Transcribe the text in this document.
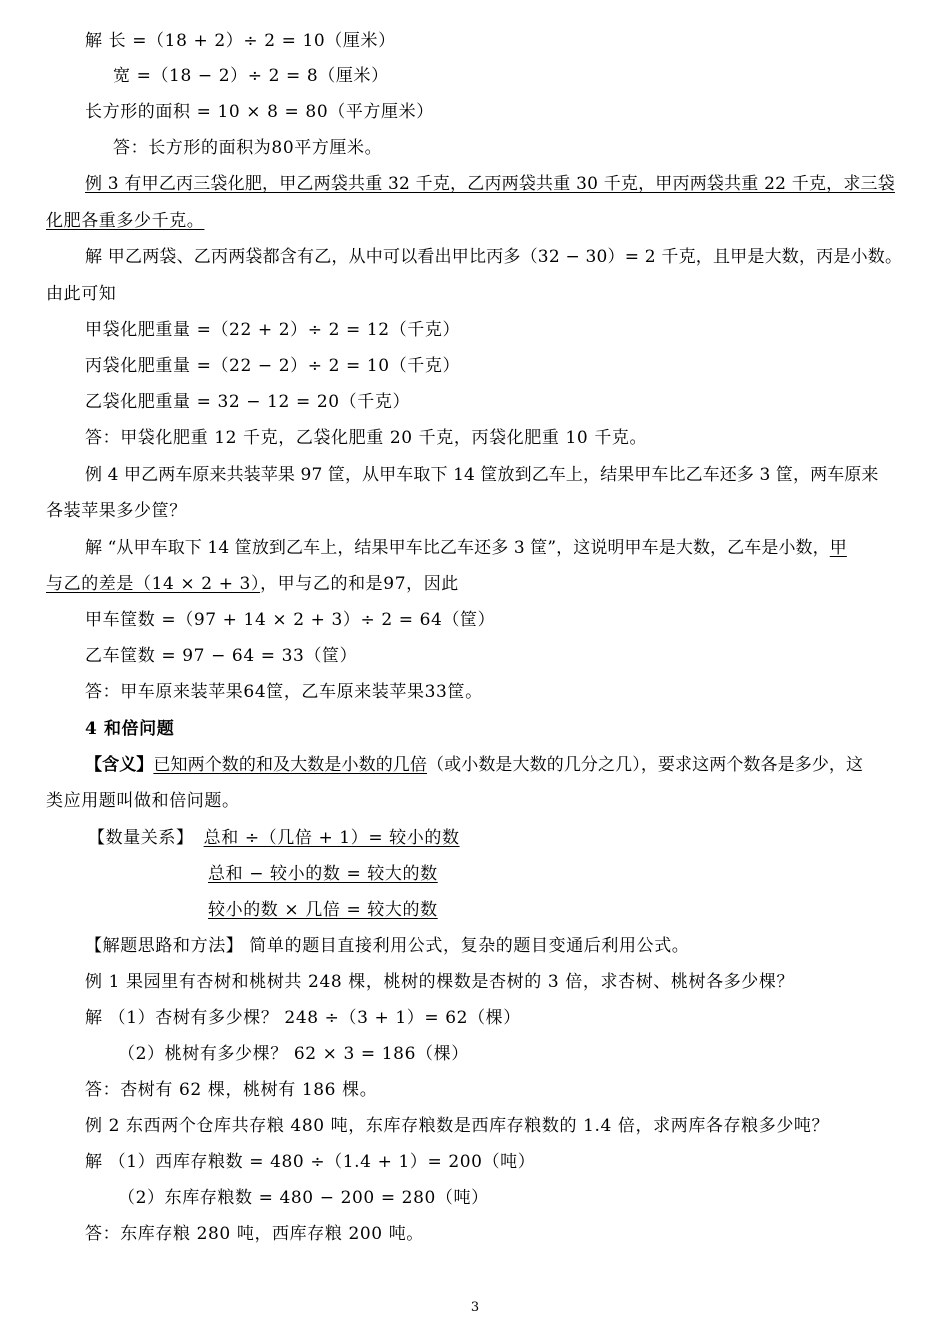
解 长 =（18 + 2）÷ 2 = 10（厘米）
宽 =（18 − 2）÷ 2 = 8（厘米）
长方形的面积 = 10 × 8 = 80（平方厘米）
答：长方形的面积为80平方厘米。
例 3 有甲乙丙三袋化肥，甲乙两袋共重 32 千克，乙丙两袋共重 30 千克，甲丙两袋共重 22 千克，求三袋
化肥各重多少千克。
解 甲乙两袋、乙丙两袋都含有乙，从中可以看出甲比丙多（32 − 30）= 2 千克，且甲是大数，丙是小数。
由此可知
甲袋化肥重量 =（22 + 2）÷ 2 = 12（千克）
丙袋化肥重量 =（22 − 2）÷ 2 = 10（千克）
乙袋化肥重量 = 32 − 12 = 20（千克）
答：甲袋化肥重 12 千克，乙袋化肥重 20 千克，丙袋化肥重 10 千克。
例 4 甲乙两车原来共装苹果 97 筐，从甲车取下 14 筐放到乙车上，结果甲车比乙车还多 3 筐，两车原来
各装苹果多少筐？
解 “从甲车取下 14 筐放到乙车上，结果甲车比乙车还多 3 筐”，这说明甲车是大数，乙车是小数，甲
与乙的差是（14 × 2 + 3），甲与乙的和是97，因此
甲车筐数 =（97 + 14 × 2 + 3）÷ 2 = 64（筐）
乙车筐数 = 97 − 64 = 33（筐）
答：甲车原来装苹果64筐，乙车原来装苹果33筐。
4 和倍问题
【含义】已知两个数的和及大数是小数的几倍（或小数是大数的几分之几），要求这两个数各是多少，这
类应用题叫做和倍问题。
【数量关系】 总和 ÷（几倍 + 1）= 较小的数
总和 − 较小的数 = 较大的数
较小的数 × 几倍 = 较大的数
【解题思路和方法】 简单的题目直接利用公式，复杂的题目变通后利用公式。
例 1 果园里有杏树和桃树共 248 棵，桃树的棵数是杏树的 3 倍，求杏树、桃树各多少棵？
解 （1）杏树有多少棵？ 248 ÷（3 + 1）= 62（棵）
（2）桃树有多少棵？ 62 × 3 = 186（棵）
答：杏树有 62 棵，桃树有 186 棵。
例 2 东西两个仓库共存粮 480 吨，东库存粮数是西库存粮数的 1.4 倍，求两库各存粮多少吨？
解 （1）西库存粮数 = 480 ÷（1.4 + 1）= 200（吨）
（2）东库存粮数 = 480 − 200 = 280（吨）
答：东库存粮 280 吨，西库存粮 200 吨。
3
